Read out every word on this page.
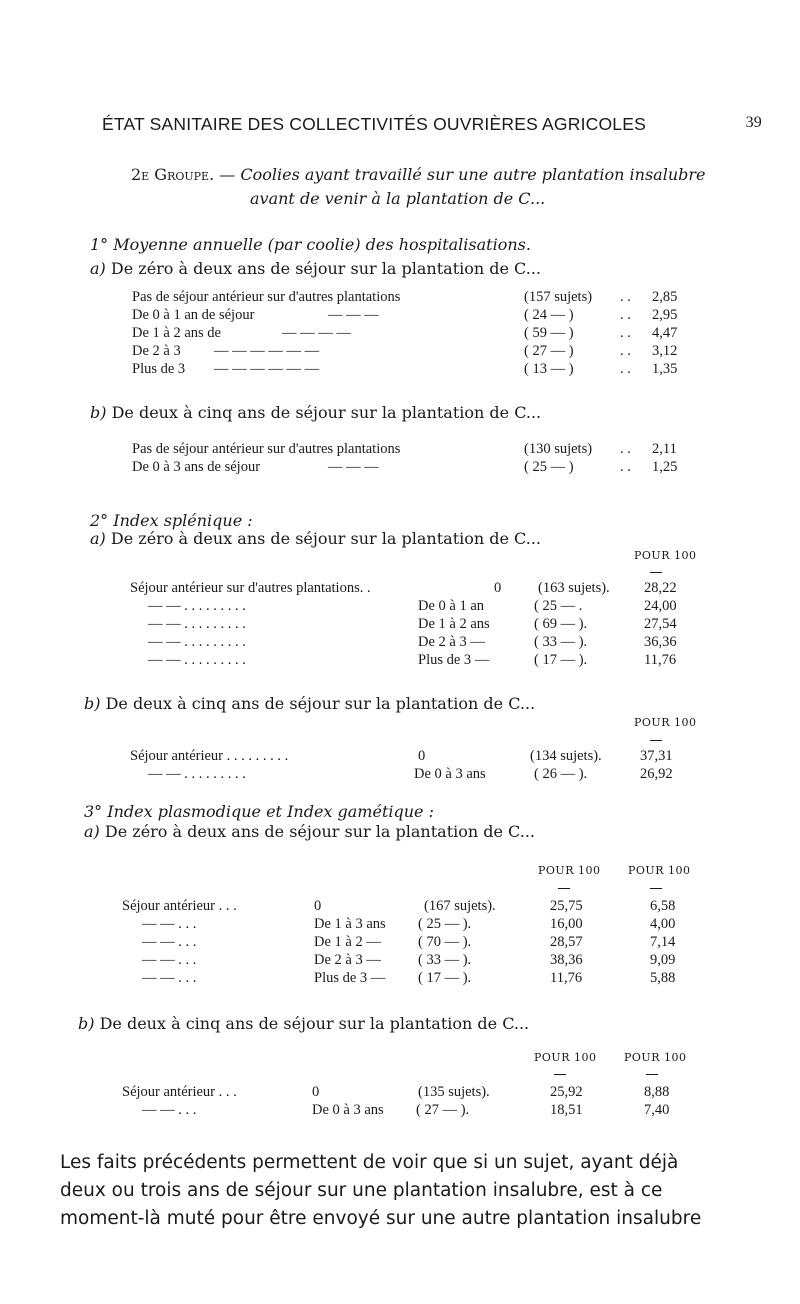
ÉTAT SANITAIRE DES COLLECTIVITÉS OUVRIÈRES AGRICOLES	39
2e Groupe. — Coolies ayant travaillé sur une autre plantation insalubre
avant de venir à la plantation de C...
1° Moyenne annuelle (par coolie) des hospitalisations.
a) De zéro à deux ans de séjour sur la plantation de C...
Pas de séjour antérieur sur d'autres plantations	(157 sujets) . . 2,85
De 0 à 1 an de séjour	— — —	( 24 — )	. . 2,95
De 1 à 2 ans de	— — — —	( 59 — )	. . 4,47
De 2 à 3 — — — — — —	( 27 — )	. . 3,12
Plus de 3 — — — — — —	( 13 — )	. . 1,35
b) De deux à cinq ans de séjour sur la plantation de C...
Pas de séjour antérieur sur d'autres plantations	(130 sujets) . . 2,11
De 0 à 3 ans de séjour	— — —	( 25 — )	. . 1,25
2° Index splénique :
a) De zéro à deux ans de séjour sur la plantation de C...
POUR 100
Séjour antérieur sur d'autres plantations. .	0	(163 sujets). 28,22
— — . . . . . . . . .	De 0 à 1 an	( 25 — .	24,00
— — . . . . . . . . .	De 1 à 2 ans	( 69 — ).	27,54
— — . . . . . . . . .	De 2 à 3 —	( 33 — ).	36,36
— — . . . . . . . . .	Plus de 3 —	( 17 — ).	11,76
b) De deux à cinq ans de séjour sur la plantation de C...
POUR 100
Séjour antérieur . . . . . . . . .	0	(134 sujets).	37,31
— — . . . . . . . . .	De 0 à 3 ans	( 26 — ).	26,92
3° Index plasmodique et Index gamétique :
a) De zéro à deux ans de séjour sur la plantation de C...
POUR 100	POUR 100
Séjour antérieur . . .	0	(167 sujets).	25,75	6,58
— — . . .	De 1 à 3 ans ( 25 — ).	16,00	4,00
— — . . .	De 1 à 2 —	( 70 — ).	28,57	7,14
— — . . .	De 2 à 3 —	( 33 — ).	38,36	9,09
— — . . .	Plus de 3 — ( 17 — ).	11,76	5,88
b) De deux à cinq ans de séjour sur la plantation de C...
POUR 100	POUR 100
Séjour antérieur . . .	0	(135 sujets).	25,92	8,88
— — . . .	De 0 à 3 ans ( 27 — ).	18,51	7,40
Les faits précédents permettent de voir que si un sujet, ayant déjà
deux ou trois ans de séjour sur une plantation insalubre, est à ce
moment-là muté pour être envoyé sur une autre plantation insalubre
